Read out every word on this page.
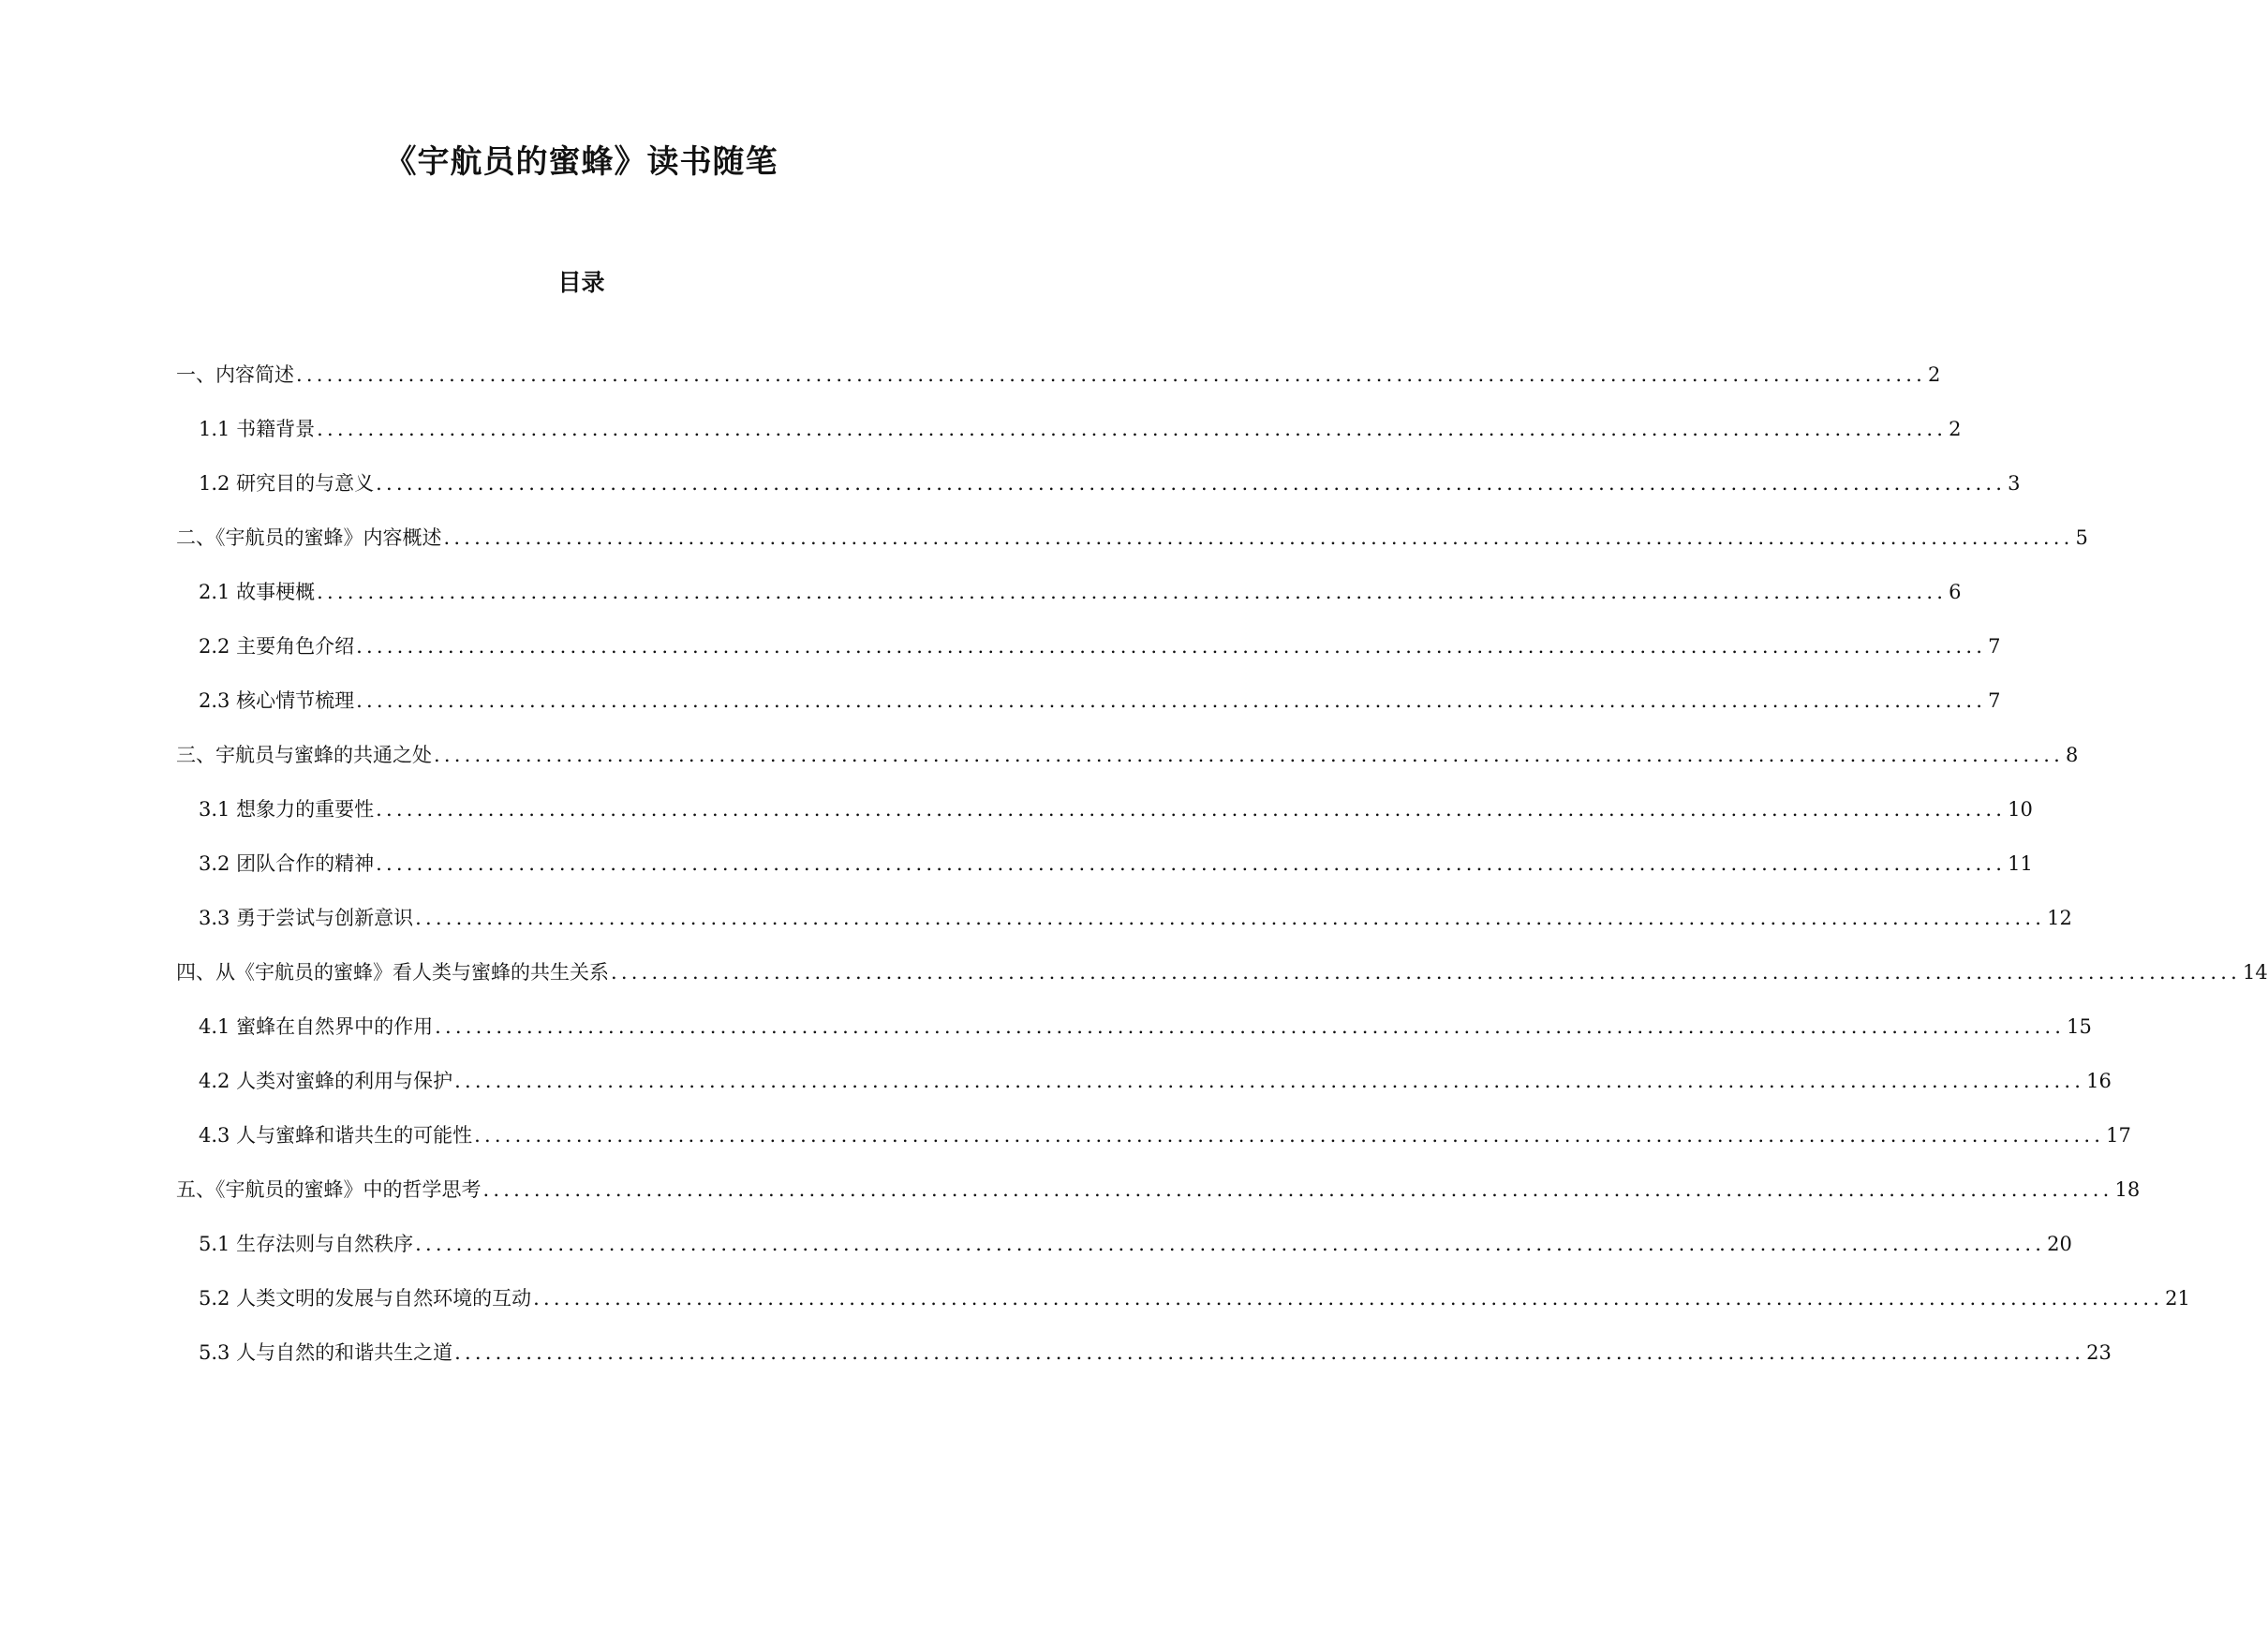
《宇航员的蜜蜂》读书随笔
目录
一、内容简述 ................................................................................................................................................................ 2
1.1 书籍背景 ................................................................................................................................................................ 2
1.2 研究目的与意义 ................................................................................................................................................................ 3
二、《宇航员的蜜蜂》内容概述 ................................................................................................................................................................ 5
2.1 故事梗概 ................................................................................................................................................................ 6
2.2 主要角色介绍 ................................................................................................................................................................ 7
2.3 核心情节梳理 ................................................................................................................................................................ 7
三、宇航员与蜜蜂的共通之处 ................................................................................................................................................................ 8
3.1 想象力的重要性 ................................................................................................................................................................ 10
3.2 团队合作的精神 ................................................................................................................................................................ 11
3.3 勇于尝试与创新意识 ................................................................................................................................................................ 12
四、从《宇航员的蜜蜂》看人类与蜜蜂的共生关系 ................................................................................................................................................................ 14
4.1 蜜蜂在自然界中的作用 ................................................................................................................................................................ 15
4.2 人类对蜜蜂的利用与保护 ................................................................................................................................................................ 16
4.3 人与蜜蜂和谐共生的可能性 ................................................................................................................................................................ 17
五、《宇航员的蜜蜂》中的哲学思考 ................................................................................................................................................................ 18
5.1 生存法则与自然秩序 ................................................................................................................................................................ 20
5.2 人类文明的发展与自然环境的互动 ................................................................................................................................................................ 21
5.3 人与自然的和谐共生之道 ................................................................................................................................................................ 23
